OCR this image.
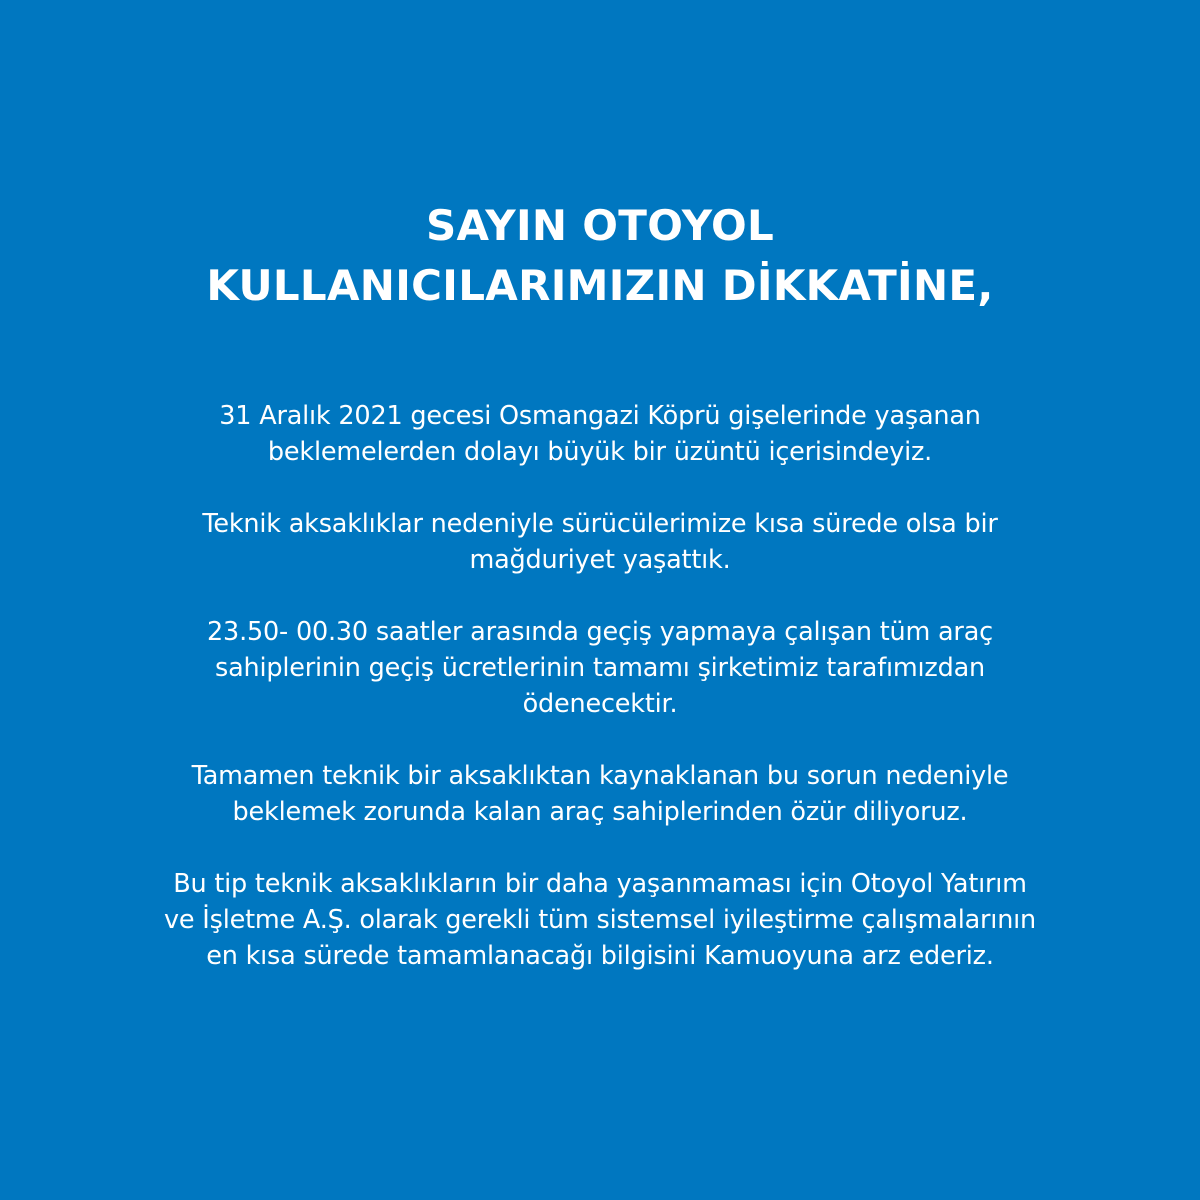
SAYIN OTOYOL
KULLANICILARIMIZIN DİKKATİNE,

31 Aralık 2021 gecesi Osmangazi Köprü gişelerinde yaşanan
beklemelerden dolayı büyük bir üzüntü içerisindeyiz.

Teknik aksaklıklar nedeniyle sürücülerimize kısa sürede olsa bir
mağduriyet yaşattık.

23.50- 00.30 saatler arasında geçiş yapmaya çalışan tüm araç
sahiplerinin geçiş ücretlerinin tamamı şirketimiz tarafımızdan
ödenecektir.

Tamamen teknik bir aksaklıktan kaynaklanan bu sorun nedeniyle
beklemek zorunda kalan araç sahiplerinden özür diliyoruz.

Bu tip teknik aksaklıkların bir daha yaşanmaması için Otoyol Yatırım
ve İşletme A.Ş. olarak gerekli tüm sistemsel iyileştirme çalışmalarının
en kısa sürede tamamlanacağı bilgisini Kamuoyuna arz ederiz.
